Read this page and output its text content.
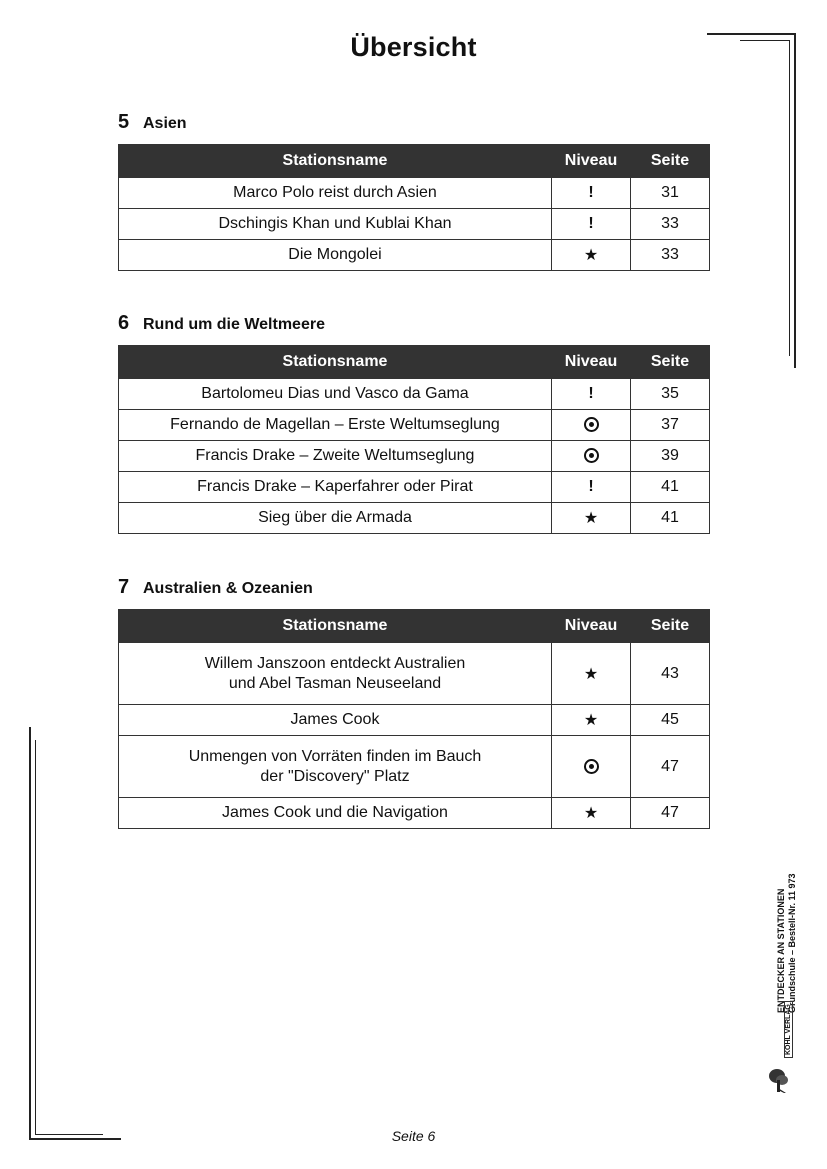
Übersicht
5 Asien
Stationsname	Niveau	Seite

Marco Polo reist durch Asien	!	31

Dschingis Khan und Kublai Khan	!	33

Die Mongolei	★	33
6 Rund um die Weltmeere
Stationsname	Niveau	Seite

Bartolomeu Dias und Vasco da Gama	!	35

Fernando de Magellan – Erste Weltumseglung		37

Francis Drake – Zweite Weltumseglung		39

Francis Drake – Kaperfahrer oder Pirat	!	41

Sieg über die Armada	★	41
7 Australien & Ozeanien
Stationsname	Niveau	Seite

Willem Janszoon entdeckt Australien
und Abel Tasman Neuseeland	★	43

James Cook	★	45

Unmengen von Vorräten finden im Bauch
der "Discovery" Platz		47

James Cook und die Navigation	★	47
ENTDECKER AN STATIONEN Grundschule – Bestell-Nr. 11 973
KOHL VERLAG
Seite 6
